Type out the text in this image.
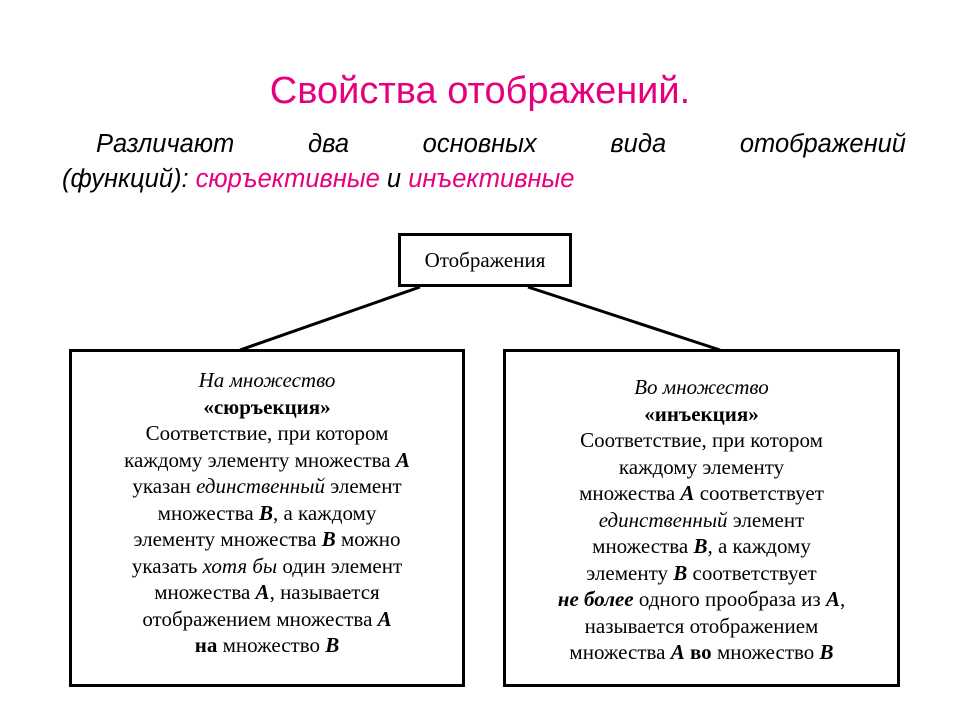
Свойства отображений.
Различают	два	основных	вида	отображений
(функций): сюръективные и инъективные
Отображения
На множество
«сюръекция»
Соответствие, при котором
каждому элементу множества A
указан единственный элемент
множества B, а каждому
элементу множества B можно
указать хотя бы один элемент
множества A, называется
отображением множества A
на множество B
Во множество
«инъекция»
Соответствие, при котором
каждому элементу
множества A соответствует
единственный элемент
множества B, а каждому
элементу B соответствует
не более одного прообраза из A,
называется отображением
множества A во множество B
